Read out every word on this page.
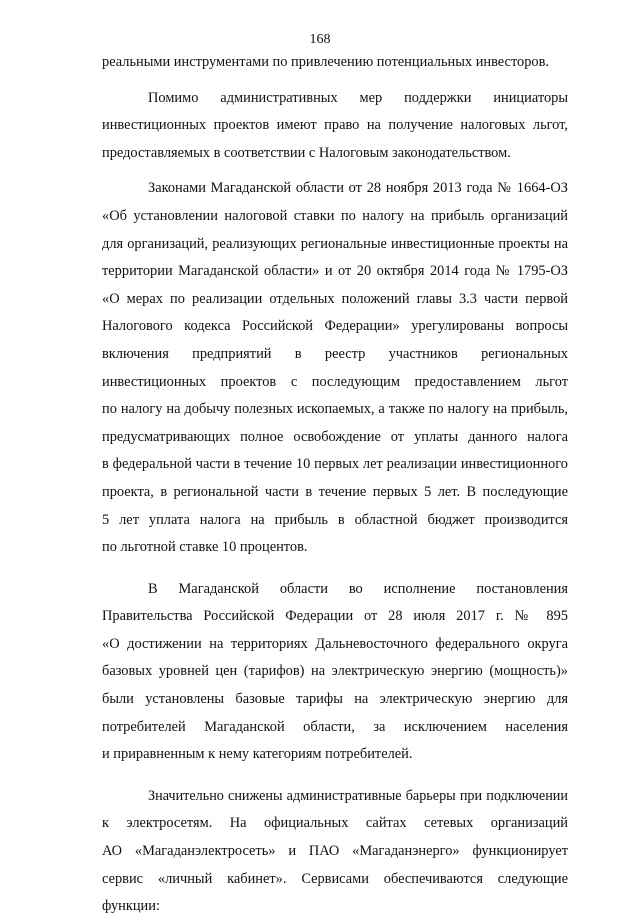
168
реальными инструментами по привлечению потенциальных инвесторов.
Помимо административных мер поддержки инициаторы
инвестиционных проектов имеют право на получение налоговых льгот,
предоставляемых в соответствии с Налоговым законодательством.
Законами Магаданской области от 28 ноября 2013 года № 1664-ОЗ
«Об установлении налоговой ставки по налогу на прибыль организаций
для организаций, реализующих региональные инвестиционные проекты на
территории Магаданской области» и от 20 октября 2014 года № 1795-ОЗ
«О мерах по реализации отдельных положений главы 3.3 части первой
Налогового кодекса Российской Федерации» урегулированы вопросы
включения предприятий в реестр участников региональных
инвестиционных проектов с последующим предоставлением льгот
по налогу на добычу полезных ископаемых, а также по налогу на прибыль,
предусматривающих полное освобождение от уплаты данного налога
в федеральной части в течение 10 первых лет реализации инвестиционного
проекта, в региональной части в течение первых 5 лет. В последующие
5 лет уплата налога на прибыль в областной бюджет производится
по льготной ставке 10 процентов.
В Магаданской области во исполнение постановления
Правительства Российской Федерации от 28 июля 2017 г. № 895
«О достижении на территориях Дальневосточного федерального округа
базовых уровней цен (тарифов) на электрическую энергию (мощность)»
были установлены базовые тарифы на электрическую энергию для
потребителей Магаданской области, за исключением населения
и приравненным к нему категориям потребителей.
Значительно снижены административные барьеры при подключении
к электросетям. На официальных сайтах сетевых организаций
АО «Магаданэлектросеть» и ПАО «Магаданэнерго» функционирует
сервис «личный кабинет». Сервисами обеспечиваются следующие
функции:
